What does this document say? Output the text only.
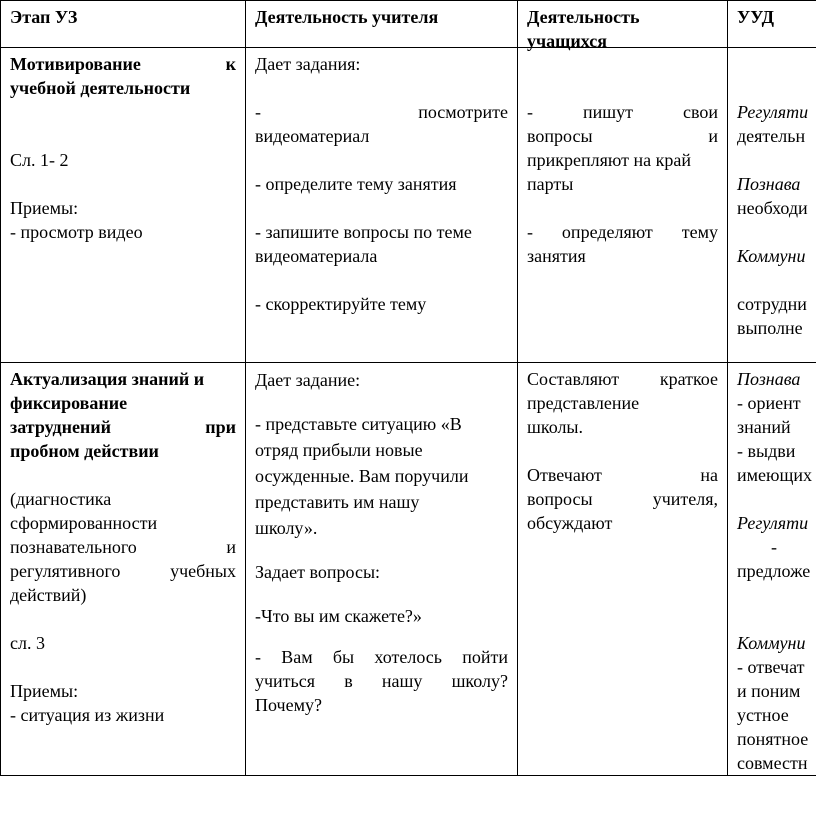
Этап УЗ	Деятельность учителя	Деятельность учащихся

УУД

Мотивирование к

учебной деятельности

Сл. 1- 2

Приемы:

- просмотр видео

Дает задания:

- посмотрите

видеоматериал

- определите тему занятия

- запишите вопросы по теме

видеоматериала

- скорректируйте тему

- пишут свои

вопросы и

прикрепляют на край

парты

- определяют тему

занятия

Регуляти

деятельн

Познава

необходи

Коммуни

сотрудни

выполне

Актуализация знаний и

фиксирование

затруднений при

пробном действии

(диагностика

сформированности

познавательного и

регулятивного учебных

действий)

сл. 3

Приемы:

- ситуация из жизни

Дает задание:

- представьте ситуацию «В

отряд прибыли новые

осужденные. Вам поручили

представить им нашу

школу».

Задает вопросы:

-Что вы им скажете?»

- Вам бы хотелось пойти

учиться в нашу школу?

Почему?

Составляют краткое

представление

школы.

Отвечают на

вопросы учителя,

обсуждают

Познава

- ориент

знаний

- выдви

имеющих

Регуляти

-

предложе

Коммуни

- отвечат

и поним

устное

понятное

совместн
